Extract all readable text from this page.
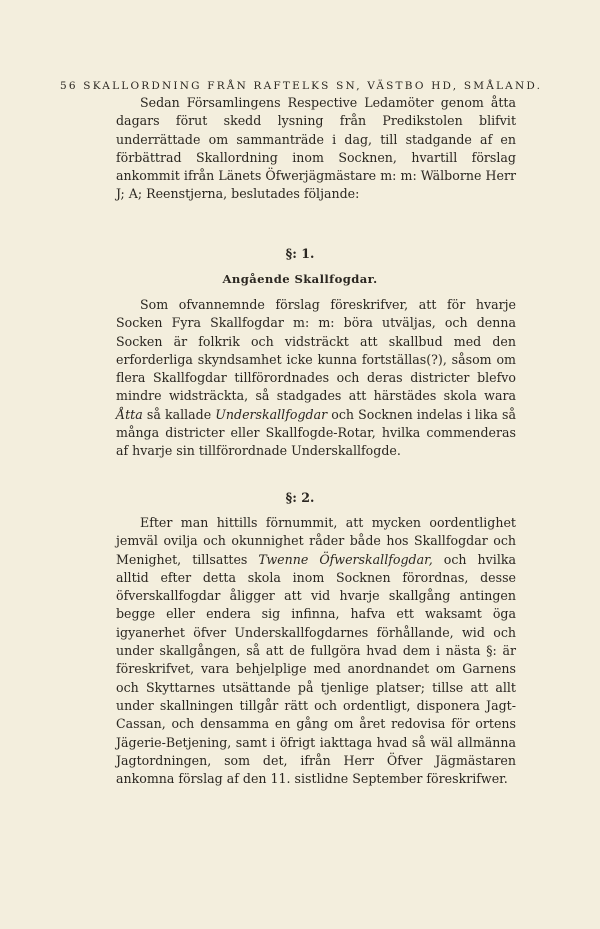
56 SKALLORDNING FRÅN RAFTELKS SN, VÄSTBO HD, SMÅLAND.

Sedan Församlingens Respective Ledamöter genom åtta dagars förut skedd lysning från Predikstolen blifvit underrättade om sammanträde i dag, till stadgande af en förbättrad Skallordning inom Socknen, hvartill förslag ankommit ifrån Länets Öfwerjägmästare m: m: Wälborne Herr J; A; Reenstjerna, beslutades följande:

§: 1.
Angående Skallfogdar.

Som ofvannemnde förslag föreskrifver, att för hvarje Socken Fyra Skallfogdar m: m: böra utväljas, och denna Socken är folkrik och vidsträckt att skallbud med den erforderliga skyndsamhet icke kunna fortställas(?), såsom om flera Skallfogdar tillförordnades och deras districter blefvo mindre widsträckta, så stadgades att härstädes skola wara Åtta så kallade Underskallfogdar och Socknen indelas i lika så många districter eller Skallfogde-Rotar, hvilka commenderas af hvarje sin tillförordnade Underskallfogde.

§: 2.

Efter man hittills förnummit, att mycken oordentlighet jemväl ovilja och okunnighet råder både hos Skallfogdar och Menighet, tillsattes Twenne Öfwerskallfogdar, och hvilka alltid efter detta skola inom Socknen förordnas, desse öfverskallfogdar åligger att vid hvarje skallgång antingen begge eller endera sig infinna, hafva ett waksamt öga igyanerhet öfver Underskallfogdarnes förhållande, wid och under skallgången, så att de fullgöra hvad dem i nästa §: är föreskrifvet, vara behjelplige med anordnandet om Garnens och Skyttarnes utsättande på tjenlige platser; tillse att allt under skallningen tillgår rätt och ordentligt, disponera Jagt-Cassan, och densamma en gång om året redovisa för ortens Jägerie-Betjening, samt i öfrigt iakttaga hvad så wäl allmänna Jagtordningen, som det, ifrån Herr Öfver Jägmästaren ankomna förslag af den 11. sistlidne September föreskrifwer.
